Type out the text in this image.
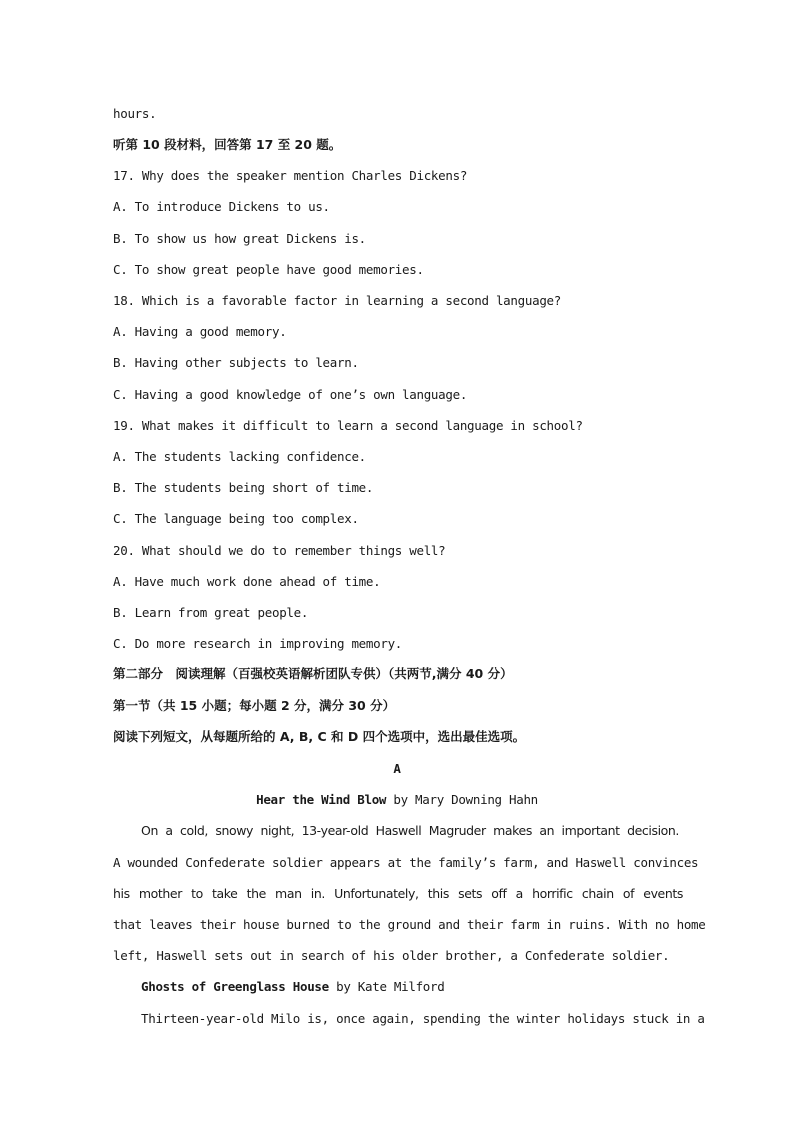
hours.
听第 10 段材料，回答第 17 至 20 题。
17. Why does the speaker mention Charles Dickens?
A. To introduce Dickens to us.
B. To show us how great Dickens is.
C. To show great people have good memories.
18. Which is a favorable factor in learning a second language?
A. Having a good memory.
B. Having other subjects to learn.
C. Having a good knowledge of one’s own language.
19. What makes it difficult to learn a second language in school?
A. The students lacking confidence.
B. The students being short of time.
C. The language being too complex.
20. What should we do to remember things well?
A. Have much work done ahead of time.
B. Learn from great people.
C. Do more research in improving memory.
第二部分　阅读理解（百强校英语解析团队专供）（共两节,满分 40 分）
第一节（共 15 小题；每小题 2 分，满分 30 分）
阅读下列短文，从每题所给的 A, B, C 和 D 四个选项中，选出最佳选项。
A
Hear the Wind Blow by Mary Downing Hahn
On a cold, snowy night, 13-year-old Haswell Magruder makes an important decision.
A wounded Confederate soldier appears at the family’s farm, and Haswell convinces
his mother to take the man in. Unfortunately, this sets off a horrific chain of events
that leaves their house burned to the ground and their farm in ruins. With no home
left, Haswell sets out in search of his older brother, a Confederate soldier.
Ghosts of Greenglass House by Kate Milford
Thirteen-year-old Milo is, once again, spending the winter holidays stuck in a
